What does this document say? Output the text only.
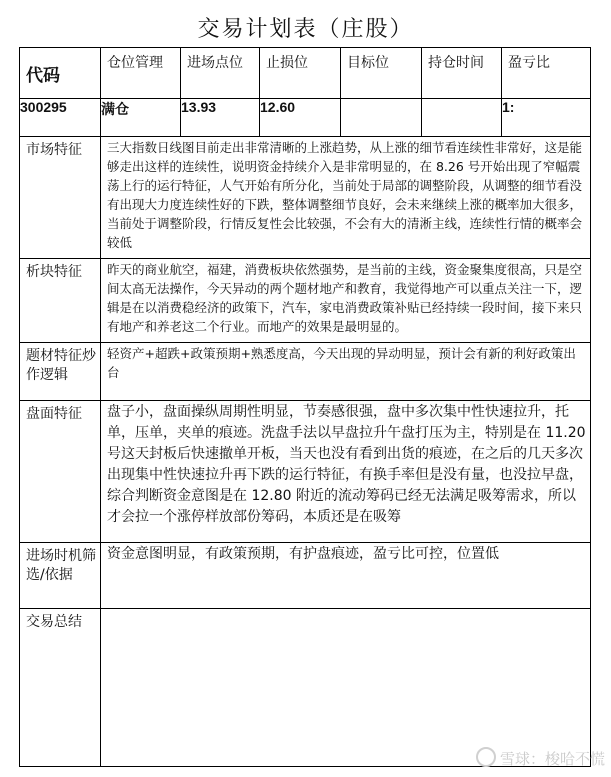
交易计划表（庄股）
代码	仓位管理	进场点位	止损位	目标位	持仓时间	盈亏比
300295	满仓	13.93	12.60			1:
市场特征	三大指数日线图目前走出非常清晰的上涨趋势，从上涨的细节看连续性非常好，这是能够走出这样的连续性，说明资金持续介入是非常明显的，在 8.26 号开始出现了窄幅震荡上行的运行特征，人气开始有所分化，当前处于局部的调整阶段，从调整的细节看没有出现大力度连续性好的下跌，整体调整细节良好，会未来继续上涨的概率加大很多，当前处于调整阶段，行情反复性会比较强，不会有大的清淅主线，连续性行情的概率会较低					
析块特征	昨天的商业航空，福建，消费板块依然强势，是当前的主线，资金聚集度很高，只是空间太高无法操作，今天异动的两个题材地产和教育，我觉得地产可以重点关注一下，逻辑是在以消费稳经济的政策下，汽车，家电消费政策补贴已经持续一段时间，接下来只有地产和养老这二个行业。而地产的效果是最明显的。					
题材特征炒作逻辑	轻资产+超跌+政策预期+熟悉度高，今天出现的异动明显，预计会有新的利好政策出台					
盘面特征	盘子小，盘面操纵周期性明显，节奏感很强，盘中多次集中性快速拉升，托单，压单，夹单的痕迹。洗盘手法以早盘拉升午盘打压为主，特别是在 11.20 号这天封板后快速撤单开板，当天也没有看到出货的痕迹，在之后的几天多次出现集中性快速拉升再下跌的运行特征，有换手率但是没有量，也没拉早盘，综合判断资金意图是在 12.80 附近的流动筹码已经无法满足吸筹需求，所以才会拉一个涨停样放部份筹码，本质还是在吸筹					
进场时机筛选/依据	资金意图明显，有政策预期，有护盘痕迹，盈亏比可控，位置低					
交易总结						
雪球：梭哈不慌
